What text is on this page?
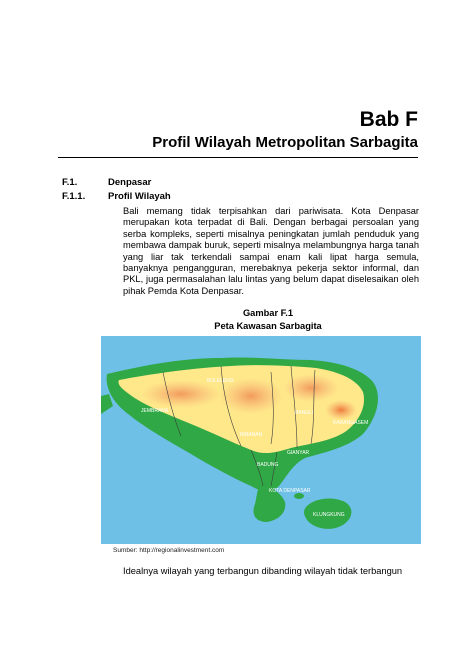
Bab F
Profil Wilayah Metropolitan Sarbagita
F.1.	Denpasar
F.1.1. Profil Wilayah
Bali memang tidak terpisahkan dari pariwisata. Kota Denpasar merupakan kota terpadat di Bali. Dengan berbagai persoalan yang serba kompleks, seperti misalnya peningkatan jumlah penduduk yang membawa dampak buruk, seperti misalnya melambungnya harga tanah yang liar tak terkendali sampai enam kali lipat harga semula, banyaknya pengangguran, merebaknya pekerja sektor informal, dan PKL, juga permasalahan lalu lintas yang belum dapat diselesaikan oleh pihak Pemda Kota Denpasar.
Gambar F.1
Peta Kawasan Sarbagita
BULELENG
JEMBRANA	BANGLI
KARANGASEM
TABANAN
GIANYAR
BADUNG
KOTA DENPASAR
KLUNGKUNG
Sumber: http://regionalinvestment.com
Idealnya wilayah yang terbangun dibanding wilayah tidak terbangun
